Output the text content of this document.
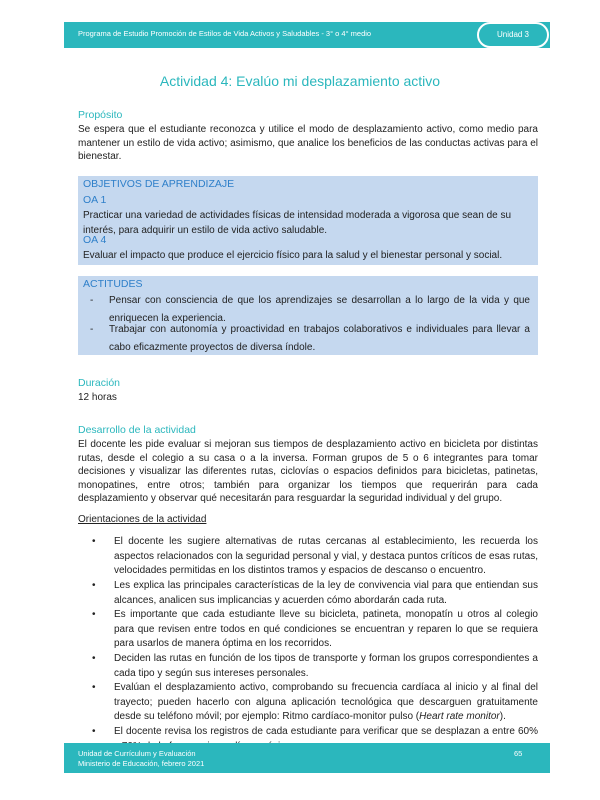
Programa de Estudio Promoción de Estilos de Vida Activos y Saludables - 3° o 4° medio	Unidad 3
Actividad 4: Evalúo mi desplazamiento activo
Propósito
Se espera que el estudiante reconozca y utilice el modo de desplazamiento activo, como medio para mantener un estilo de vida activo; asimismo, que analice los beneficios de las conductas activas para el bienestar.
OBJETIVOS DE APRENDIZAJE
OA 1
Practicar una variedad de actividades físicas de intensidad moderada a vigorosa que sean de su interés, para adquirir un estilo de vida activo saludable.
OA 4
Evaluar el impacto que produce el ejercicio físico para la salud y el bienestar personal y social.
ACTITUDES
- Pensar con consciencia de que los aprendizajes se desarrollan a lo largo de la vida y que enriquecen la experiencia.
- Trabajar con autonomía y proactividad en trabajos colaborativos e individuales para llevar a cabo eficazmente proyectos de diversa índole.
Duración
12 horas
Desarrollo de la actividad
El docente les pide evaluar si mejoran sus tiempos de desplazamiento activo en bicicleta por distintas rutas, desde el colegio a su casa o a la inversa. Forman grupos de 5 o 6 integrantes para tomar decisiones y visualizar las diferentes rutas, ciclovías o espacios definidos para bicicletas, patinetas, monopatines, entre otros; también para organizar los tiempos que requerirán para cada desplazamiento y observar qué necesitarán para resguardar la seguridad individual y del grupo.
Orientaciones de la actividad
• El docente les sugiere alternativas de rutas cercanas al establecimiento, les recuerda los aspectos relacionados con la seguridad personal y vial, y destaca puntos críticos de esas rutas, velocidades permitidas en los distintos tramos y espacios de descanso o encuentro.
• Les explica las principales características de la ley de convivencia vial para que entiendan sus alcances, analicen sus implicancias y acuerden cómo abordarán cada ruta.
• Es importante que cada estudiante lleve su bicicleta, patineta, monopatín u otros al colegio para que revisen entre todos en qué condiciones se encuentran y reparen lo que se requiera para usarlos de manera óptima en los recorridos.
• Deciden las rutas en función de los tipos de transporte y forman los grupos correspondientes a cada tipo y según sus intereses personales.
• Evalúan el desplazamiento activo, comprobando su frecuencia cardíaca al inicio y al final del trayecto; pueden hacerlo con alguna aplicación tecnológica que descarguen gratuitamente desde su teléfono móvil; por ejemplo: Ritmo cardíaco-monitor pulso (Heart rate monitor).
• El docente revisa los registros de cada estudiante para verificar que se desplazan a entre 60%
Unidad de Currículum y Evaluación
Ministerio de Educación, febrero 2021
65
